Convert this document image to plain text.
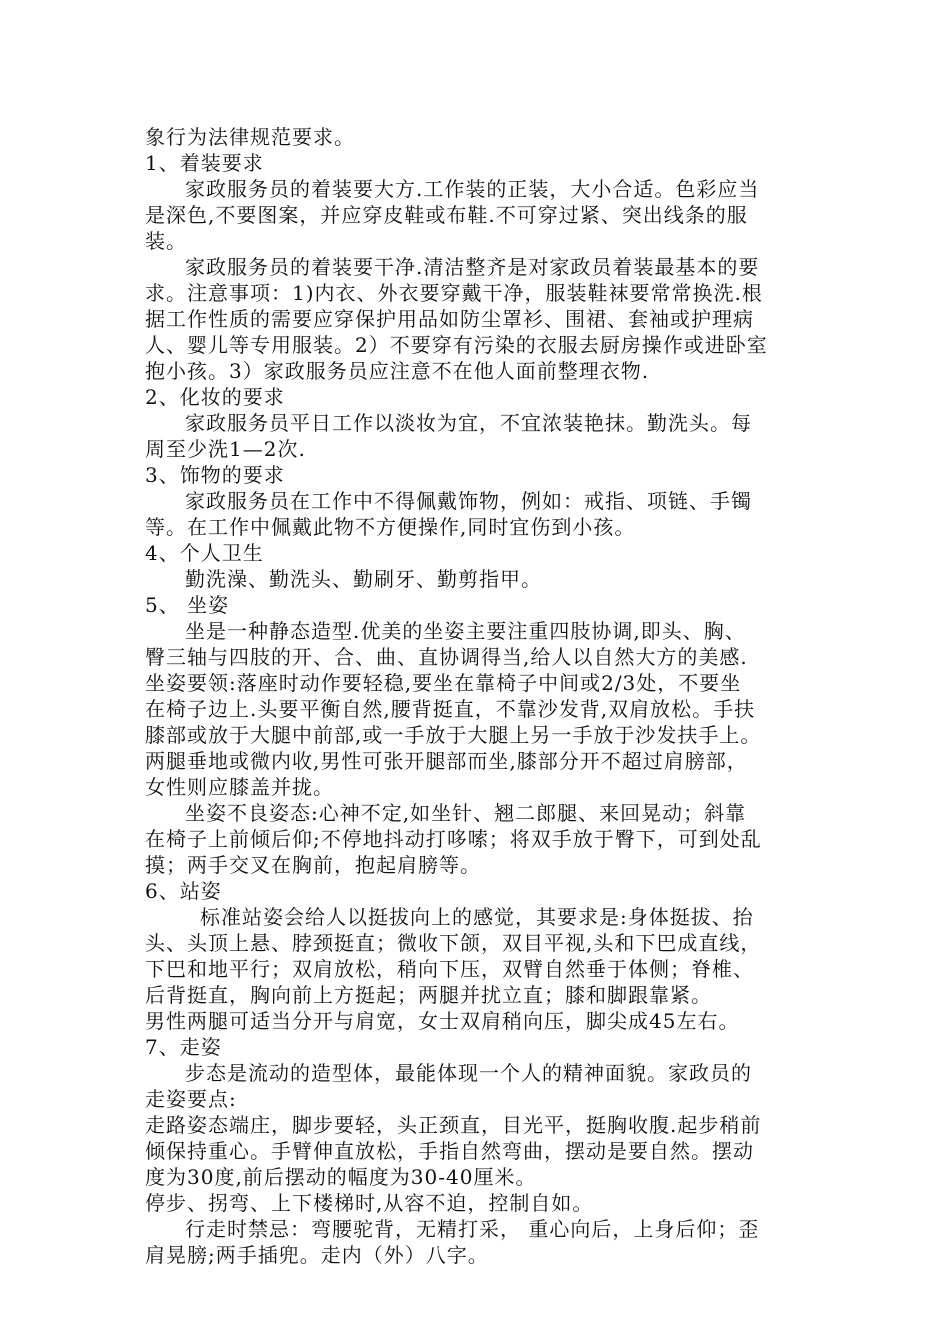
象行为法律规范要求。
1、着装要求
家政服务员的着装要大方.工作装的正装，大小合适。色彩应当
是深色,不要图案，并应穿皮鞋或布鞋.不可穿过紧、突出线条的服
装。
家政服务员的着装要干净.清洁整齐是对家政员着装最基本的要
求。注意事项：1)内衣、外衣要穿戴干净，服装鞋袜要常常换洗.根
据工作性质的需要应穿保护用品如防尘罩衫、围裙、套袖或护理病
人、婴儿等专用服装。2）不要穿有污染的衣服去厨房操作或进卧室
抱小孩。3）家政服务员应注意不在他人面前整理衣物.
2、化妆的要求
家政服务员平日工作以淡妆为宜，不宜浓装艳抹。勤洗头。每
周至少洗1—2次.
3、饰物的要求
家政服务员在工作中不得佩戴饰物，例如：戒指、项链、手镯
等。在工作中佩戴此物不方便操作,同时宜伤到小孩。
4、个人卫生
勤洗澡、勤洗头、勤刷牙、勤剪指甲。
5、 坐姿
坐是一种静态造型.优美的坐姿主要注重四肢协调,即头、胸、
臀三轴与四肢的开、合、曲、直协调得当,给人以自然大方的美感.
坐姿要领:落座时动作要轻稳,要坐在靠椅子中间或2/3处，不要坐
在椅子边上.头要平衡自然,腰背挺直，不靠沙发背,双肩放松。手扶
膝部或放于大腿中前部,或一手放于大腿上另一手放于沙发扶手上。
两腿垂地或微内收,男性可张开腿部而坐,膝部分开不超过肩膀部，
女性则应膝盖并拢。
坐姿不良姿态:心神不定,如坐针、翘二郎腿、来回晃动；斜靠
在椅子上前倾后仰;不停地抖动打哆嗦；将双手放于臀下，可到处乱
摸；两手交叉在胸前，抱起肩膀等。
6、站姿
标准站姿会给人以挺拔向上的感觉，其要求是:身体挺拔、抬
头、头顶上悬、脖颈挺直；微收下颌，双目平视,头和下巴成直线，
下巴和地平行；双肩放松，稍向下压，双臂自然垂于体侧；脊椎、
后背挺直，胸向前上方挺起；两腿并扰立直；膝和脚跟靠紧。
男性两腿可适当分开与肩宽，女士双肩稍向压，脚尖成45左右。
7、走姿
步态是流动的造型体，最能体现一个人的精神面貌。家政员的
走姿要点:
走路姿态端庄，脚步要轻，头正颈直，目光平，挺胸收腹.起步稍前
倾保持重心。手臂伸直放松，手指自然弯曲，摆动是要自然。摆动
度为30度,前后摆动的幅度为30-40厘米。
停步、拐弯、上下楼梯时,从容不迫，控制自如。
行走时禁忌：弯腰驼背，无精打采， 重心向后，上身后仰；歪
肩晃膀;两手插兜。走内（外）八字。
